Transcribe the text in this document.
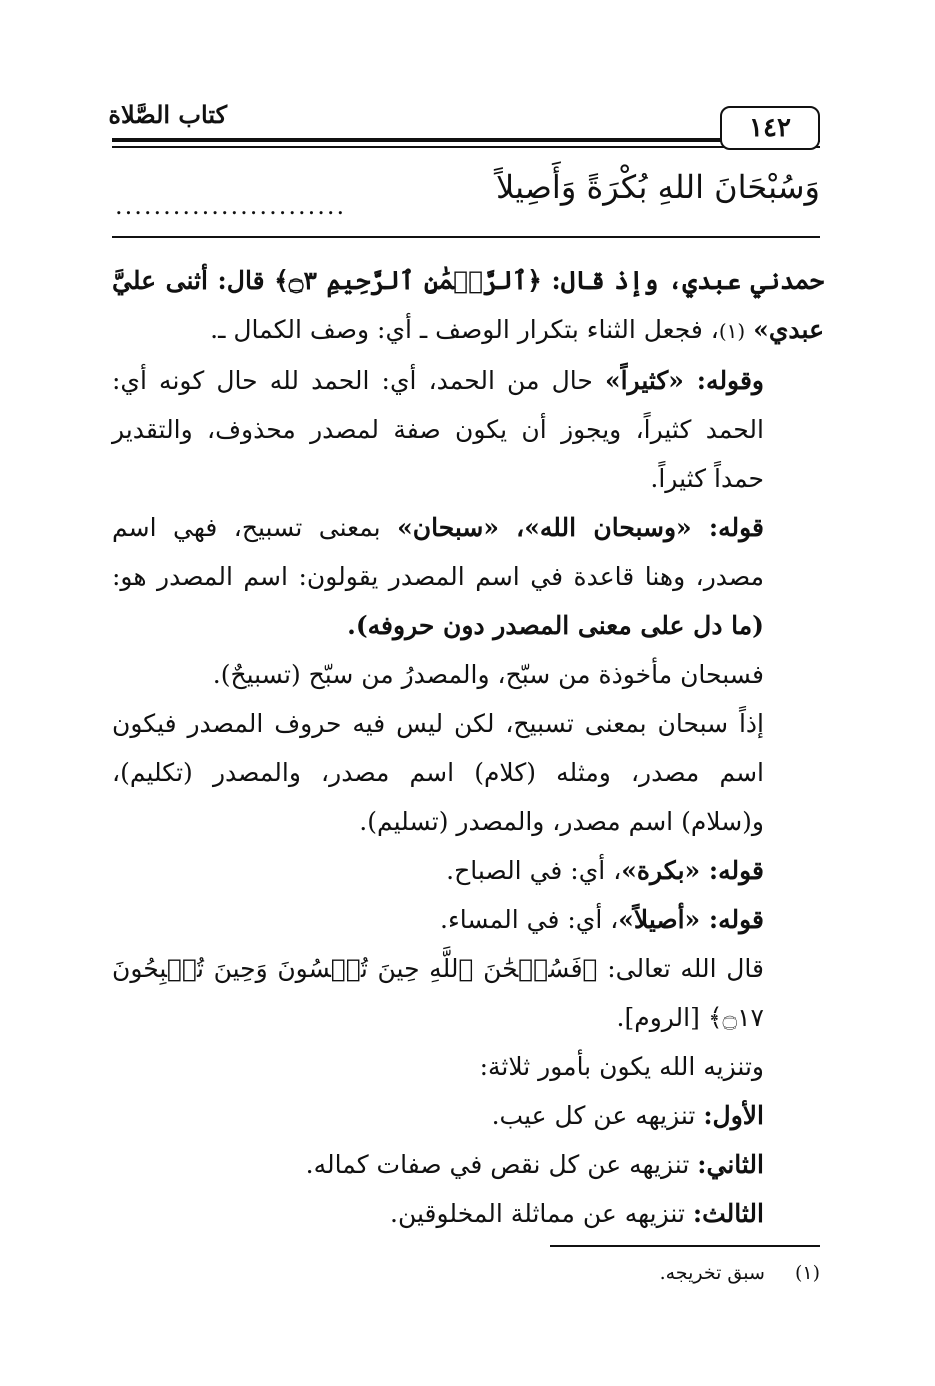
كتاب الصَّلاة	١٤٢
وَسُبْحَانَ اللهِ بُكْرَةً وَأَصِيلاً
........................

حمدني عبدي، وإذ قال: ﴿ٱلرَّحۡمَٰنِ ٱلرَّحِيمِ ۝٣﴾ قال: أثنى عليَّ عبدي»(١)، فجعل الثناء بتكرار الوصف ـ أي: وصف الكمال ـ.

وقوله: «كثيراً» حال من الحمد، أي: الحمد لله حال كونه أي: الحمد كثيراً، ويجوز أن يكون صفة لمصدر محذوف، والتقدير حمداً كثيراً.

قوله: «وسبحان الله»، «سبحان» بمعنى تسبيح، فهي اسم مصدر، وهنا قاعدة في اسم المصدر يقولون: اسم المصدر هو: (ما دل على معنى المصدر دون حروفه).

فسبحان مأخوذة من سبّح، والمصدرُ من سبّح (تسبيحٌ).

إذاً سبحان بمعنى تسبيح، لكن ليس فيه حروف المصدر فيكون اسم مصدر، ومثله (كلام) اسم مصدر، والمصدر (تكليم)، و(سلام) اسم مصدر، والمصدر (تسليم).

قوله: «بكرة»، أي: في الصباح.

قوله: «أصيلاً»، أي: في المساء.

قال الله تعالى: ﴿فَسُبۡحَٰنَ ٱللَّهِ حِينَ تُمۡسُونَ وَحِينَ تُصۡبِحُونَ ۝١٧﴾ [الروم].

وتنزيه الله يكون بأمور ثلاثة:

الأول: تنزيهه عن كل عيب.

الثاني: تنزيهه عن كل نقص في صفات كماله.

الثالث: تنزيهه عن مماثلة المخلوقين.

(١)سبق تخريجه.
